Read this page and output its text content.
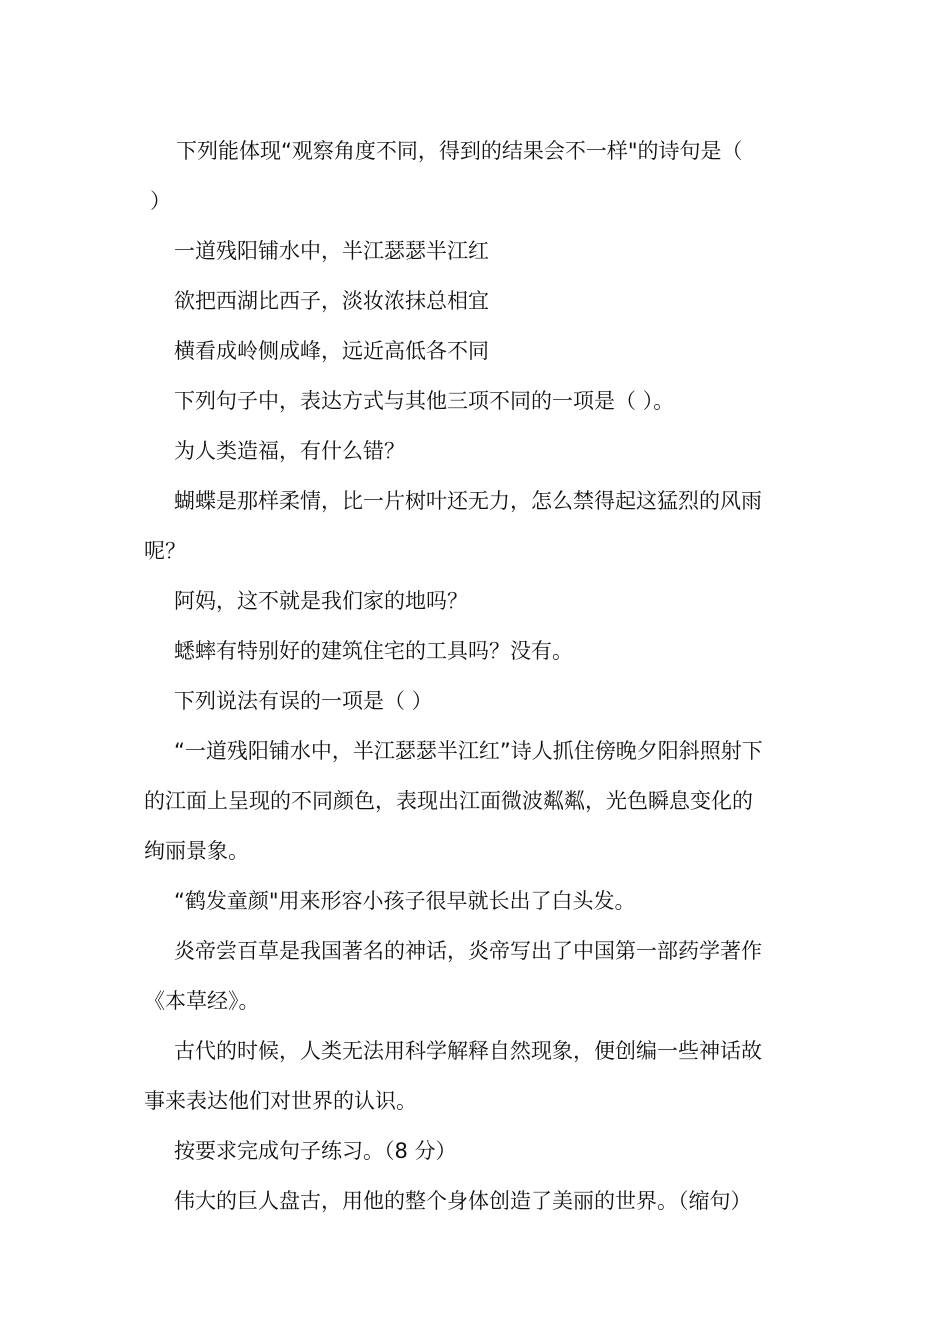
下列能体现“观察角度不同，得到的结果会不一样"的诗句是（
）
一道残阳铺水中，半江瑟瑟半江红
欲把西湖比西子，淡妆浓抹总相宜
横看成岭侧成峰，远近高低各不同
下列句子中，表达方式与其他三项不同的一项是（ ）。
为人类造福，有什么错？
蝴蝶是那样柔情，比一片树叶还无力，怎么禁得起这猛烈的风雨
呢？
阿妈，这不就是我们家的地吗？
蟋蟀有特别好的建筑住宅的工具吗？没有。
下列说法有误的一项是（ ）
“一道残阳铺水中，半江瑟瑟半江红”诗人抓住傍晚夕阳斜照射下
的江面上呈现的不同颜色，表现出江面微波粼粼，光色瞬息变化的
绚丽景象。
“鹤发童颜"用来形容小孩子很早就长出了白头发。
炎帝尝百草是我国著名的神话，炎帝写出了中国第一部药学著作
《本草经》。
古代的时候，人类无法用科学解释自然现象，便创编一些神话故
事来表达他们对世界的认识。
按要求完成句子练习。（8 分）
伟大的巨人盘古，用他的整个身体创造了美丽的世界。（缩句）
